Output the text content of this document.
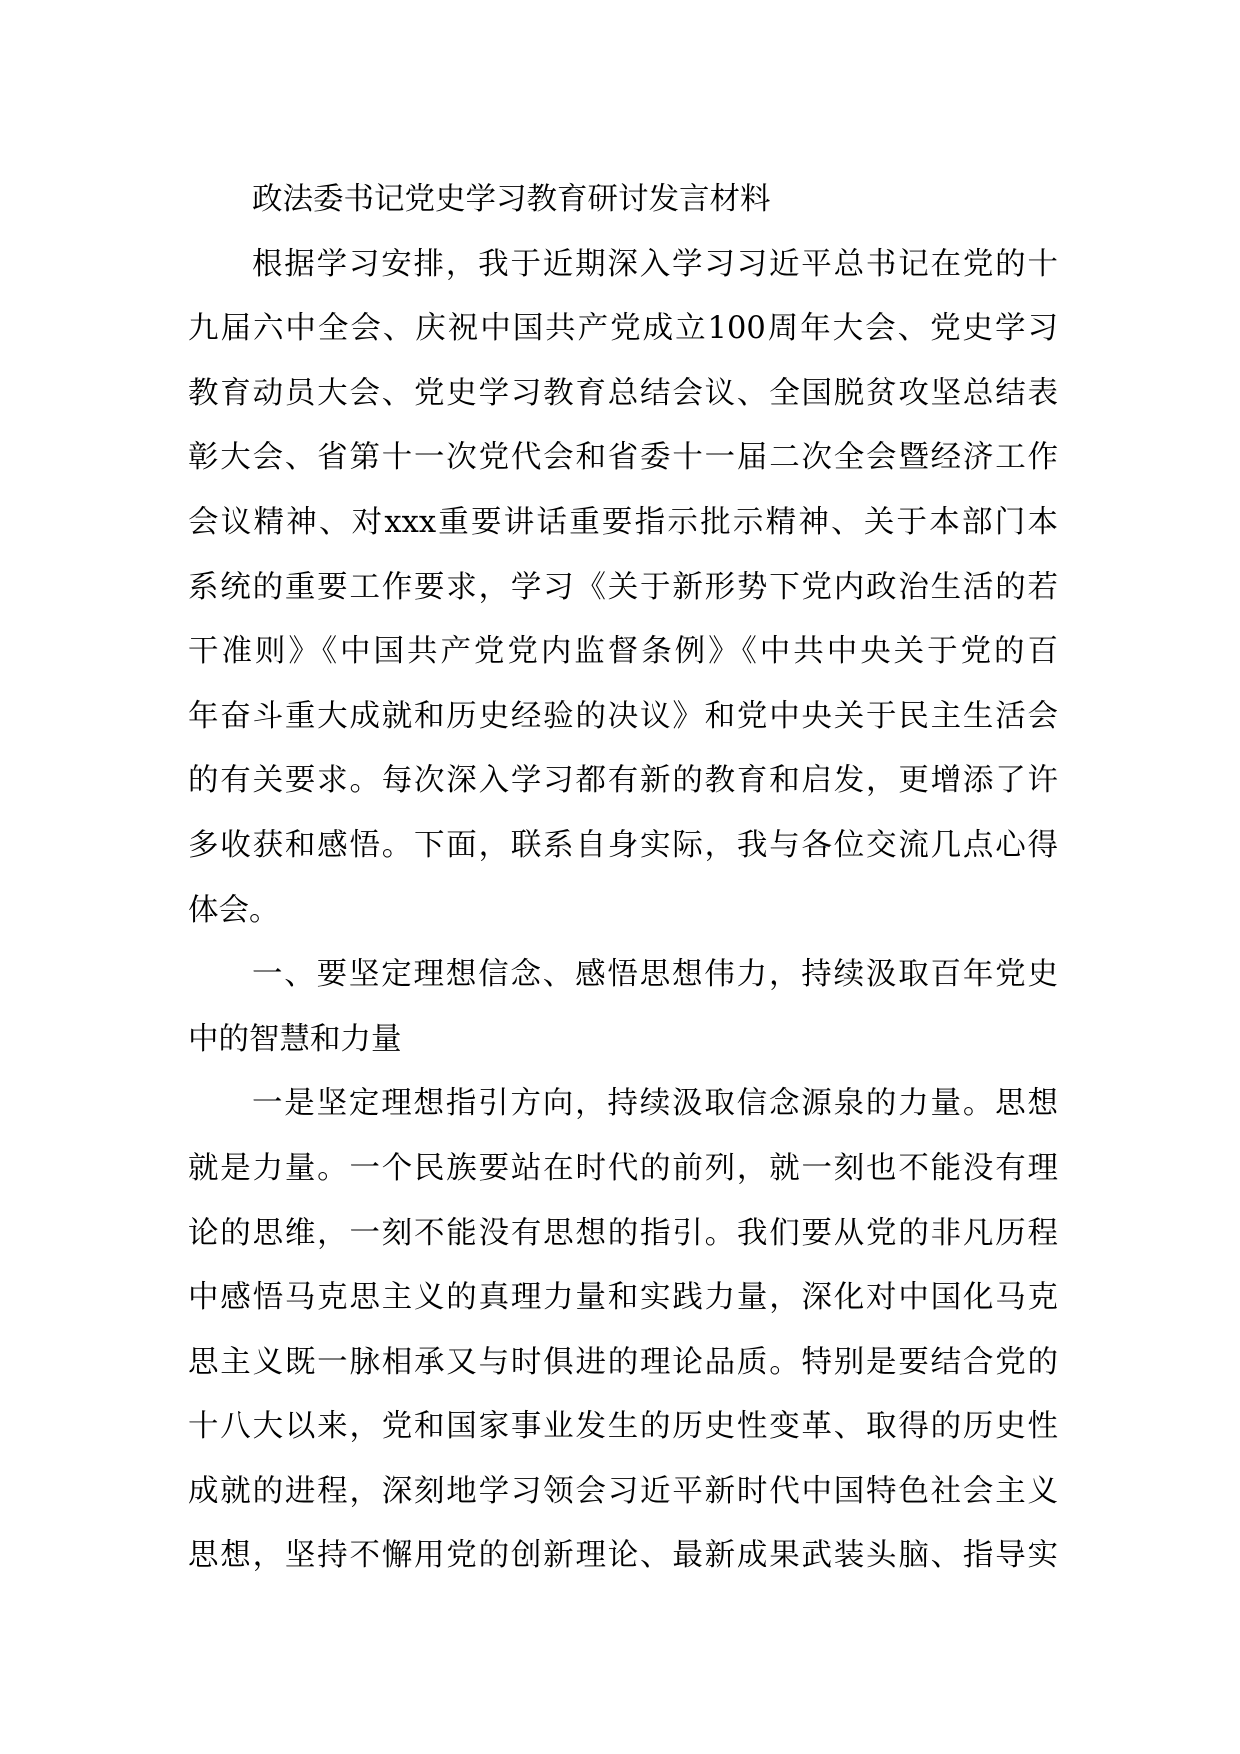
政法委书记党史学习教育研讨发言材料
根据学习安排，我于近期深入学习习近平总书记在党的十
九届六中全会、庆祝中国共产党成立100周年大会、党史学习
教育动员大会、党史学习教育总结会议、全国脱贫攻坚总结表
彰大会、省第十一次党代会和省委十一届二次全会暨经济工作
会议精神、对xxx重要讲话重要指示批示精神、关于本部门本
系统的重要工作要求，学习《关于新形势下党内政治生活的若
干准则》《中国共产党党内监督条例》《中共中央关于党的百
年奋斗重大成就和历史经验的决议》和党中央关于民主生活会
的有关要求。每次深入学习都有新的教育和启发，更增添了许
多收获和感悟。下面，联系自身实际，我与各位交流几点心得
体会。
一、要坚定理想信念、感悟思想伟力，持续汲取百年党史
中的智慧和力量
一是坚定理想指引方向，持续汲取信念源泉的力量。思想
就是力量。一个民族要站在时代的前列，就一刻也不能没有理
论的思维，一刻不能没有思想的指引。我们要从党的非凡历程
中感悟马克思主义的真理力量和实践力量，深化对中国化马克
思主义既一脉相承又与时俱进的理论品质。特别是要结合党的
十八大以来，党和国家事业发生的历史性变革、取得的历史性
成就的进程，深刻地学习领会习近平新时代中国特色社会主义
思想，坚持不懈用党的创新理论、最新成果武装头脑、指导实
